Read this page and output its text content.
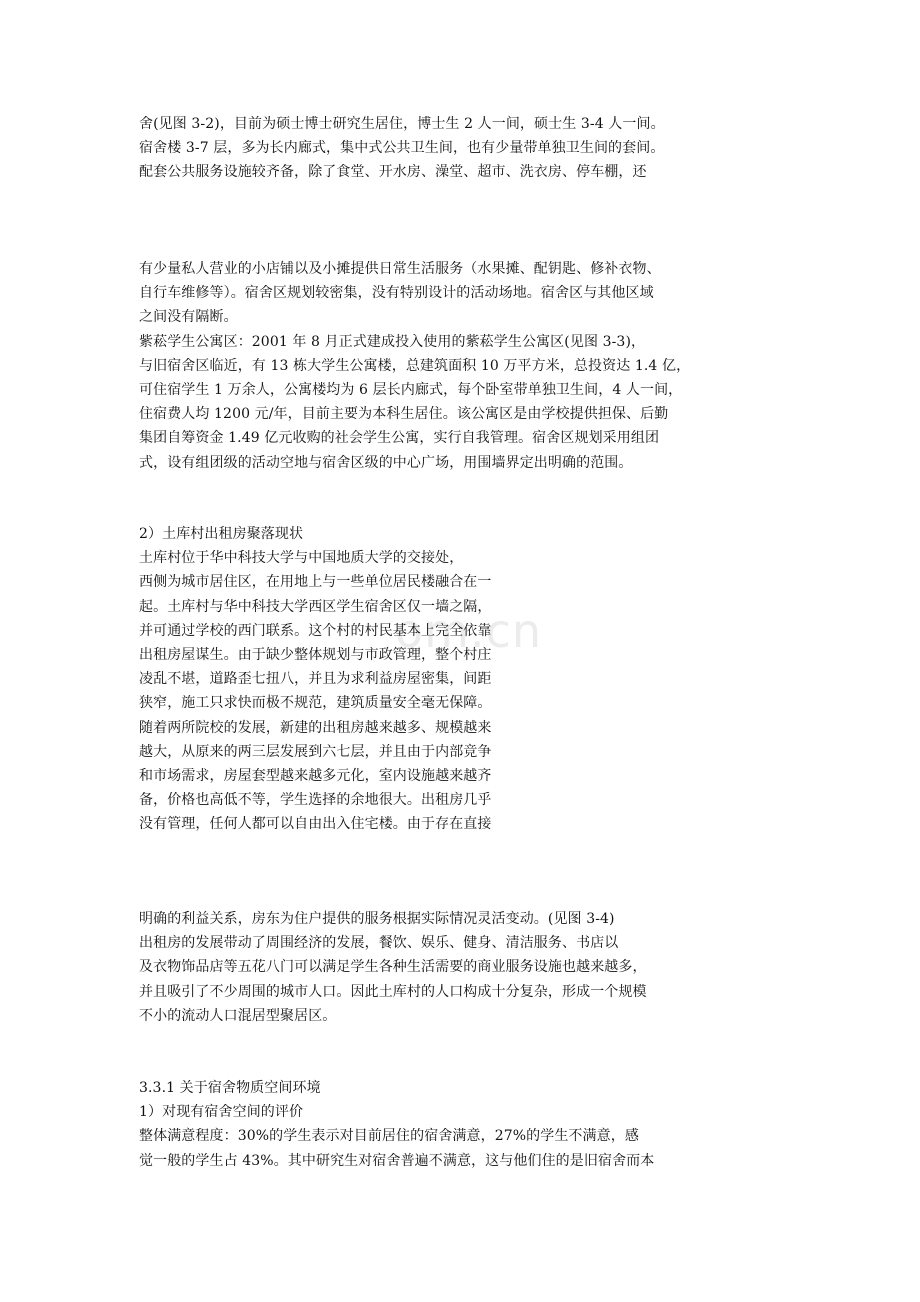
om.cn
舍(见图 3-2)，目前为硕士博士研究生居住，博士生 2 人一间，硕士生 3-4 人一间。
宿舍楼 3-7 层，多为长内廊式，集中式公共卫生间，也有少量带单独卫生间的套间。
配套公共服务设施较齐备，除了食堂、开水房、澡堂、超市、洗衣房、停车棚，还
有少量私人营业的小店铺以及小摊提供日常生活服务（水果摊、配钥匙、修补衣物、
自行车维修等）。宿舍区规划较密集，没有特别设计的活动场地。宿舍区与其他区域
之间没有隔断。
紫菘学生公寓区：2001 年 8 月正式建成投入使用的紫菘学生公寓区(见图 3-3)，
与旧宿舍区临近，有 13 栋大学生公寓楼，总建筑面积 10 万平方米，总投资达 1.4 亿，
可住宿学生 1 万余人，公寓楼均为 6 层长内廊式，每个卧室带单独卫生间，4 人一间，
住宿费人均 1200 元/年，目前主要为本科生居住。该公寓区是由学校提供担保、后勤
集团自筹资金 1.49 亿元收购的社会学生公寓，实行自我管理。宿舍区规划采用组团
式，设有组团级的活动空地与宿舍区级的中心广场，用围墙界定出明确的范围。
2）土库村出租房聚落现状
土库村位于华中科技大学与中国地质大学的交接处，
西侧为城市居住区，在用地上与一些单位居民楼融合在一
起。土库村与华中科技大学西区学生宿舍区仅一墙之隔，
并可通过学校的西门联系。这个村的村民基本上完全依靠
出租房屋谋生。由于缺少整体规划与市政管理，整个村庄
凌乱不堪，道路歪七扭八，并且为求利益房屋密集，间距
狭窄，施工只求快而极不规范，建筑质量安全毫无保障。
随着两所院校的发展，新建的出租房越来越多、规模越来
越大，从原来的两三层发展到六七层，并且由于内部竞争
和市场需求，房屋套型越来越多元化，室内设施越来越齐
备，价格也高低不等，学生选择的余地很大。出租房几乎
没有管理，任何人都可以自由出入住宅楼。由于存在直接
明确的利益关系，房东为住户提供的服务根据实际情况灵活变动。(见图 3-4)
出租房的发展带动了周围经济的发展，餐饮、娱乐、健身、清洁服务、书店以
及衣物饰品店等五花八门可以满足学生各种生活需要的商业服务设施也越来越多，
并且吸引了不少周围的城市人口。因此土库村的人口构成十分复杂，形成一个规模
不小的流动人口混居型聚居区。
3.3.1 关于宿舍物质空间环境
1）对现有宿舍空间的评价
整体满意程度：30%的学生表示对目前居住的宿舍满意，27%的学生不满意，感
觉一般的学生占 43%。其中研究生对宿舍普遍不满意，这与他们住的是旧宿舍而本
